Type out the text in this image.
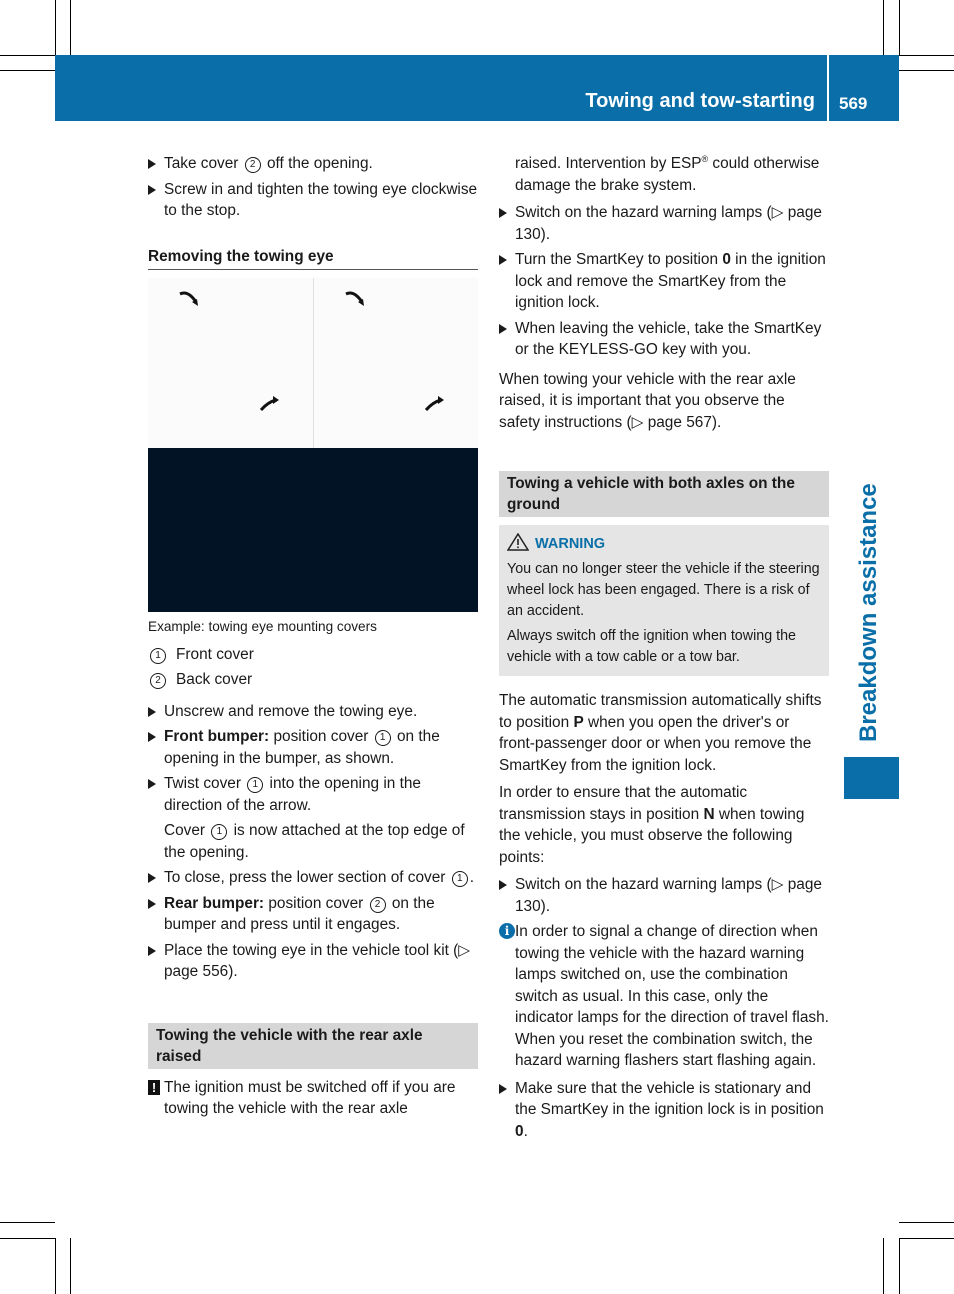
Towing and tow-starting 569
Breakdown assistance
Take cover 2 off the opening.
Screw in and tighten the towing eye clockwise to the stop.
Removing the towing eye
Example: towing eye mounting covers
1 Front cover
2 Back cover
Unscrew and remove the towing eye.
Front bumper: position cover 1 on the opening in the bumper, as shown.
Twist cover 1 into the opening in the direction of the arrow.
Cover 1 is now attached at the top edge of the opening.
To close, press the lower section of cover 1 .
Rear bumper: position cover 2 on the bumper and press until it engages.
Place the towing eye in the vehicle tool kit (▷ page 556).
Towing the vehicle with the rear axle raised
! The ignition must be switched off if you are towing the vehicle with the rear axle
raised. Intervention by ESP® could otherwise damage the brake system.
Switch on the hazard warning lamps (▷ page 130).
Turn the SmartKey to position 0 in the ignition lock and remove the SmartKey from the ignition lock.
When leaving the vehicle, take the SmartKey or the KEYLESS-GO key with you.
When towing your vehicle with the rear axle raised, it is important that you observe the safety instructions (▷ page 567).
Towing a vehicle with both axles on the ground
WARNING

You can no longer steer the vehicle if the steering wheel lock has been engaged. There is a risk of an accident.

Always switch off the ignition when towing the vehicle with a tow cable or a tow bar.

The automatic transmission automatically shifts to position P when you open the driver's or front-passenger door or when you remove the SmartKey from the ignition lock.
In order to ensure that the automatic transmission stays in position N when towing the vehicle, you must observe the following points:
Switch on the hazard warning lamps (▷ page 130).
i In order to signal a change of direction when towing the vehicle with the hazard warning lamps switched on, use the combination switch as usual. In this case, only the indicator lamps for the direction of travel flash. When you reset the combination switch, the hazard warning flashers start flashing again.
Make sure that the vehicle is stationary and the SmartKey in the ignition lock is in position 0.
